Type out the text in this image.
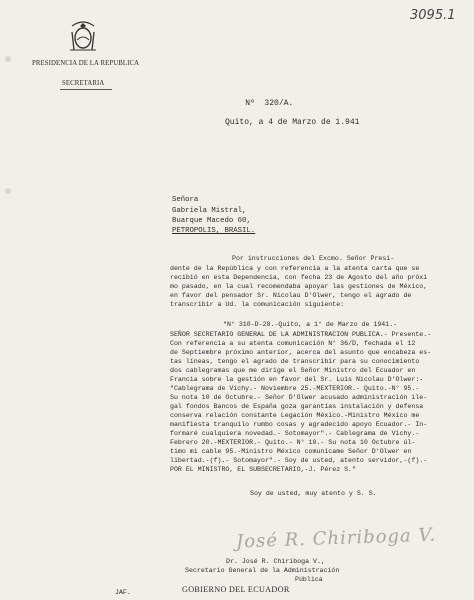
3095.1
PRESIDENCIA DE LA REPUBLICA
SECRETARIA

Nº 320/A.

Quito, a 4 de Marzo de 1.941
Señora
Gabriela Mistral,
Buarque Macedo 60,
PETROPOLIS, BRASIL.
Por instrucciones del Excmo. Señor Presi-
dente de la República y con referencia a la atenta carta que se
recibió en esta Dependencia, con fecha 23 de Agosto del año próxi
mo pasado, en la cual recomendaba apoyar las gestiones de México,
en favor del pensador Sr. Nicolau D'Olwer, tengo el agrado de
transcribir a Ud. la comunicación siguiente:
"N° 310-D-28.-Quito, a 1° de Marzo de 1941.-
SEÑOR SECRETARIO GENERAL DE LA ADMINISTRACION PUBLICA.- Presente.-
Con referencia a su atenta comunicación N° 36/D, fechada el 12
de Septiembre próximo anterior, acerca del asunto que encabeza es-
tas líneas, tengo el agrado de transcribir para su conocimiento
dos cablegramas que me dirige el Señor Ministro del Ecuador en
Francia sobre la gestión en favor del Sr. Luis Nicolau D'Olwer:-
"Cablegrama de Vichy.- Noviembre 25.-MEXTERIOR.- Quito.-N° 95.-
Su nota 10 de Octubre.- Señor D'Olwer acusado administración ile-
gal fondos Bancos de España goza garantías instalación y defensa
conserva relación constante Legación México.-Ministro México me
manifiesta tranquilo rumbo cosas y agradecido apoyo Ecuador.- In-
formaré cualquiera novedad.- Sotomayor".- Cablegrama de Vichy.-
Febrero 20.-MEXTERIOR.- Quito.- N° 10.- Su nota 10 Octubre úl-
timo mi cable 95.-Ministro México comunícame Señor D'Olwer en
libertad.-(f).- Sotomayor".- Soy de usted, atento servidor,-(f).-
POR EL MINISTRO, EL SUBSECRETARIO,-J. Pérez S."
Soy de usted, muy atento y S. S.
José R. Chiriboga V.
Dr. José R. Chiriboga V.,
Secretario General de la Administración
Pública
JAF.	GOBIERNO DEL ECUADOR
